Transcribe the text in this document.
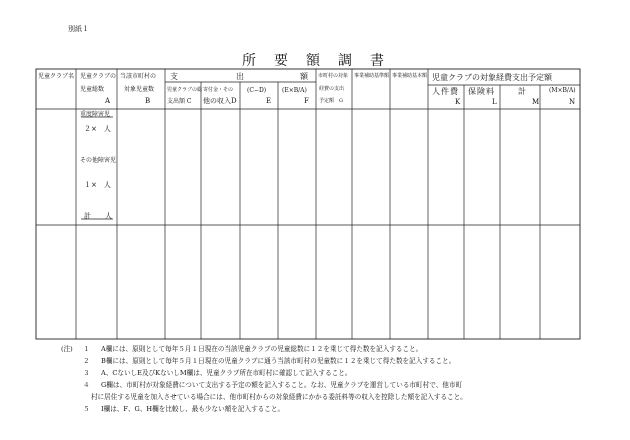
別紙１
所　要　額　調　書
児童クラブ名 児童クラブの
児童総数
A
当該市町村の
対象児童数
B
支	出	額
児童クラブの総
支出額 C
寄付金・その
他の収入 D
(C−D)
E
(E×B/A)
F
市町村の対象
経費の支出
予定額　G
事業補助基準額 事業補助基本額 児童クラブの対象経費支出予定額
人件費
K
保険料
L
計
M
(M×B/A)
N
重度障害児
２×　人
その他障害児
１×　人
計　　人
(注) １ A欄には、原則として毎年５月１日現在の当該児童クラブの児童総数に１２を乗じて得た数を記入すること。
２ B欄には、原則として毎年５月１日現在の児童クラブに通う当該市町村の児童数に１２を乗じて得た数を記入すること。
３ A、CないしE及びKないしM欄は、児童クラブ所在市町村に確認して記入すること。
４ G欄は、市町村が対象経費について支出する予定の額を記入すること。なお、児童クラブを運営している市町村で、他市町
村に居住する児童を加入させている場合には、他市町村からの対象経費にかかる委託料等の収入を控除した額を記入すること。
５ I欄は、F、G、H欄を比較し、最も少ない額を記入すること。
